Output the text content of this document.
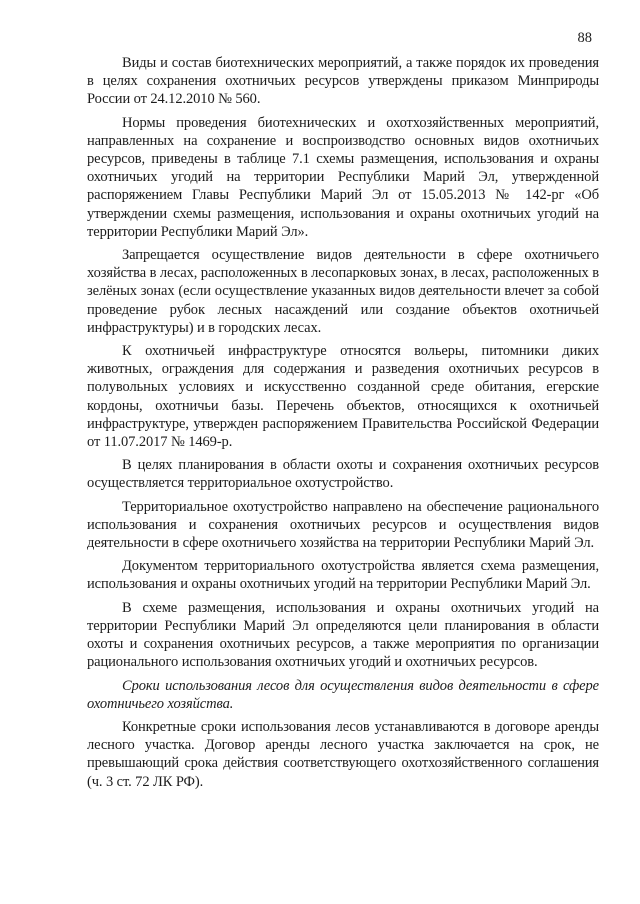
88

Виды и состав биотехнических мероприятий, а также порядок их проведения в целях сохранения охотничьих ресурсов утверждены приказом Минприроды России от 24.12.2010 № 560.

Нормы проведения биотехнических и охотхозяйственных мероприятий, направленных на сохранение и воспроизводство основных видов охотничьих ресурсов, приведены в таблице 7.1 схемы размещения, использования и охраны охотничьих угодий на территории Республики Марий Эл, утвержденной распоряжением Главы Республики Марий Эл от 15.05.2013 № 142-рг «Об утверждении схемы размещения, использования и охраны охотничьих угодий на территории Республики Марий Эл».

Запрещается осуществление видов деятельности в сфере охотничьего хозяйства в лесах, расположенных в лесопарковых зонах, в лесах, расположенных в зелёных зонах (если осуществление указанных видов деятельности влечет за собой проведение рубок лесных насаждений или создание объектов охотничьей инфраструктуры) и в городских лесах.

К охотничьей инфраструктуре относятся вольеры, питомники диких животных, ограждения для содержания и разведения охотничьих ресурсов в полувольных условиях и искусственно созданной среде обитания, егерские кордоны, охотничьи базы. Перечень объектов, относящихся к охотничьей инфраструктуре, утвержден распоряжением Правительства Российской Федерации от 11.07.2017 № 1469-р.

В целях планирования в области охоты и сохранения охотничьих ресурсов осуществляется территориальное охотустройство.

Территориальное охотустройство направлено на обеспечение рационального использования и сохранения охотничьих ресурсов и осуществления видов деятельности в сфере охотничьего хозяйства на территории Республики Марий Эл.

Документом территориального охотустройства является схема размещения, использования и охраны охотничьих угодий на территории Республики Марий Эл.

В схеме размещения, использования и охраны охотничьих угодий на территории Республики Марий Эл определяются цели планирования в области охоты и сохранения охотничьих ресурсов, а также мероприятия по организации рационального использования охотничьих угодий и охотничьих ресурсов.

Сроки использования лесов для осуществления видов деятельности в сфере охотничьего хозяйства.

Конкретные сроки использования лесов устанавливаются в договоре аренды лесного участка. Договор аренды лесного участка заключается на срок, не превышающий срока действия соответствующего охотхозяйственного соглашения (ч. 3 ст. 72 ЛК РФ).
